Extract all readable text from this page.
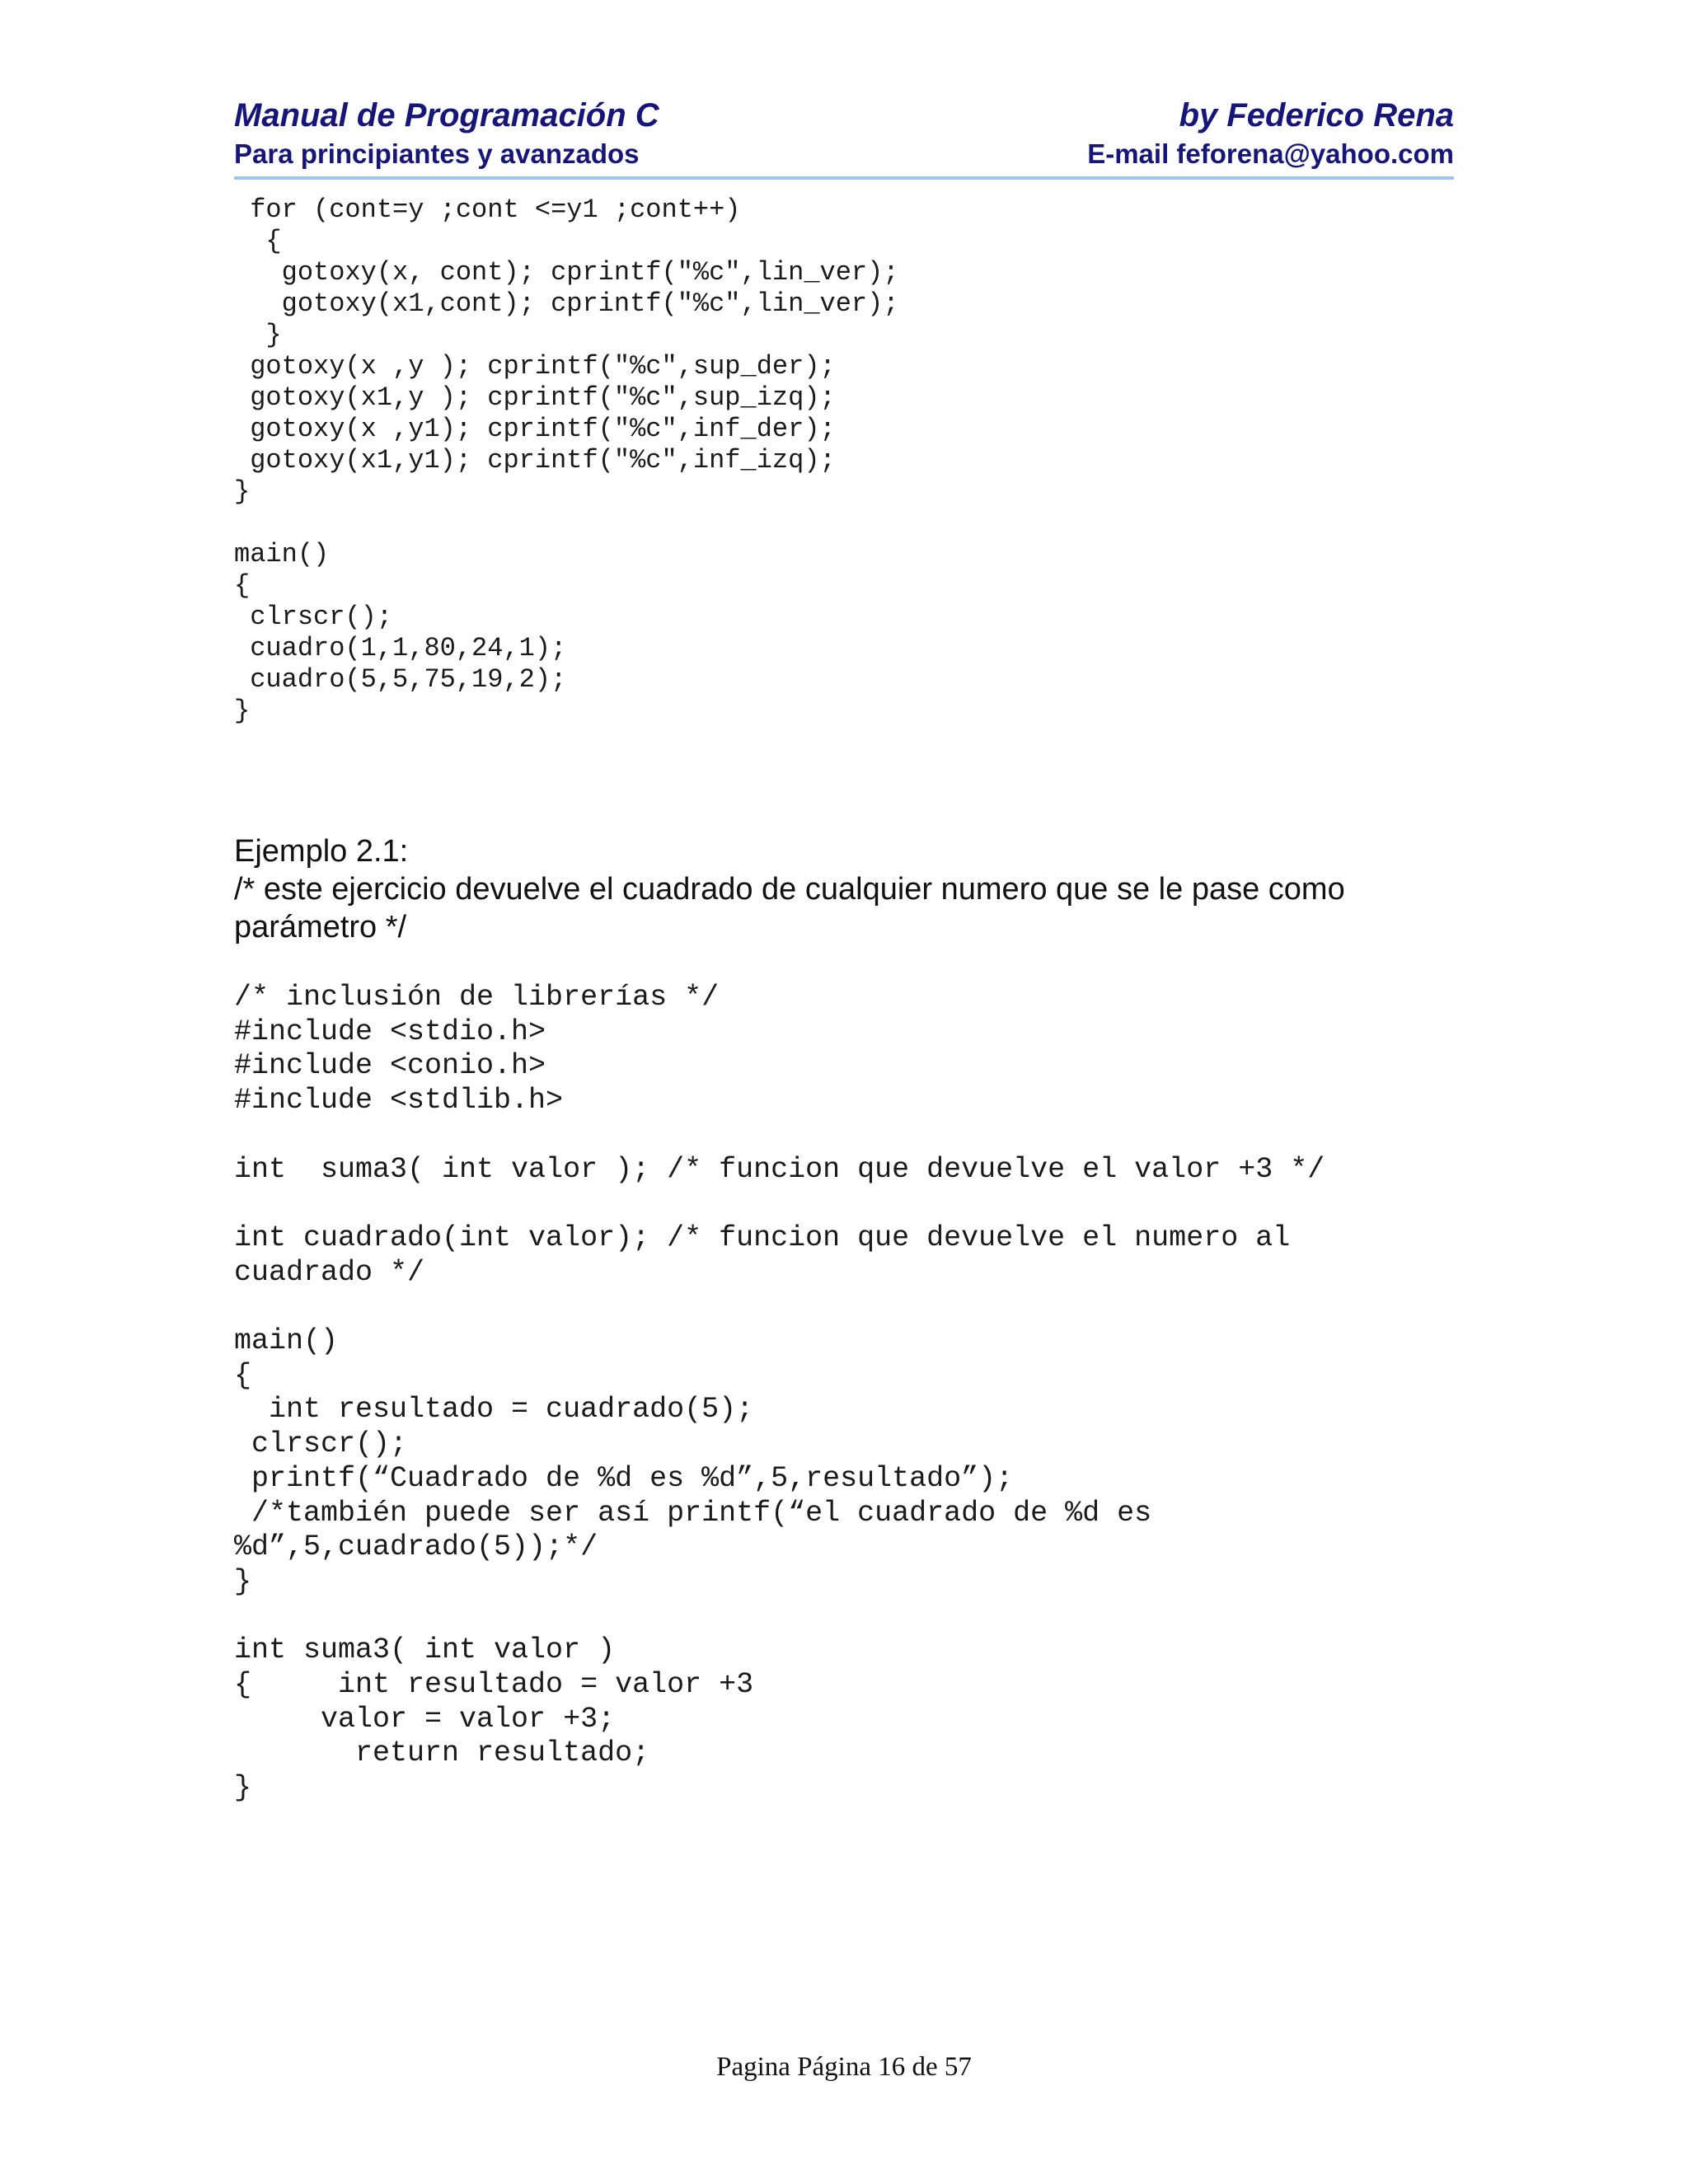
Manual de Programación C
Para principiantes y avanzados
by Federico Rena
E-mail feforena@yahoo.com
for (cont=y ;cont <=y1 ;cont++)
{
gotoxy(x, cont); cprintf("%c",lin_ver);
gotoxy(x1,cont); cprintf("%c",lin_ver);
}
gotoxy(x ,y ); cprintf("%c",sup_der);
gotoxy(x1,y ); cprintf("%c",sup_izq);
gotoxy(x ,y1); cprintf("%c",inf_der);
gotoxy(x1,y1); cprintf("%c",inf_izq);
}

main()
{
clrscr();
cuadro(1,1,80,24,1);
cuadro(5,5,75,19,2);
}
Ejemplo 2.1:
/* este ejercicio devuelve el cuadrado de cualquier numero que se le pase como parámetro */
/* inclusión de librerías */
#include <stdio.h>
#include <conio.h>
#include <stdlib.h>

int  suma3( int valor ); /* funcion que devuelve el valor +3 */

int cuadrado(int valor); /* funcion que devuelve el numero al
cuadrado */

main()
{
int resultado = cuadrado(5);
clrscr();
printf(“Cuadrado de %d es %d”,5,resultado”);
/*también puede ser así printf(“el cuadrado de %d es
%d”,5,cuadrado(5));*/
}

int suma3( int valor )
{     int resultado = valor +3
valor = valor +3;
return resultado;
}
Pagina Página 16 de 57
